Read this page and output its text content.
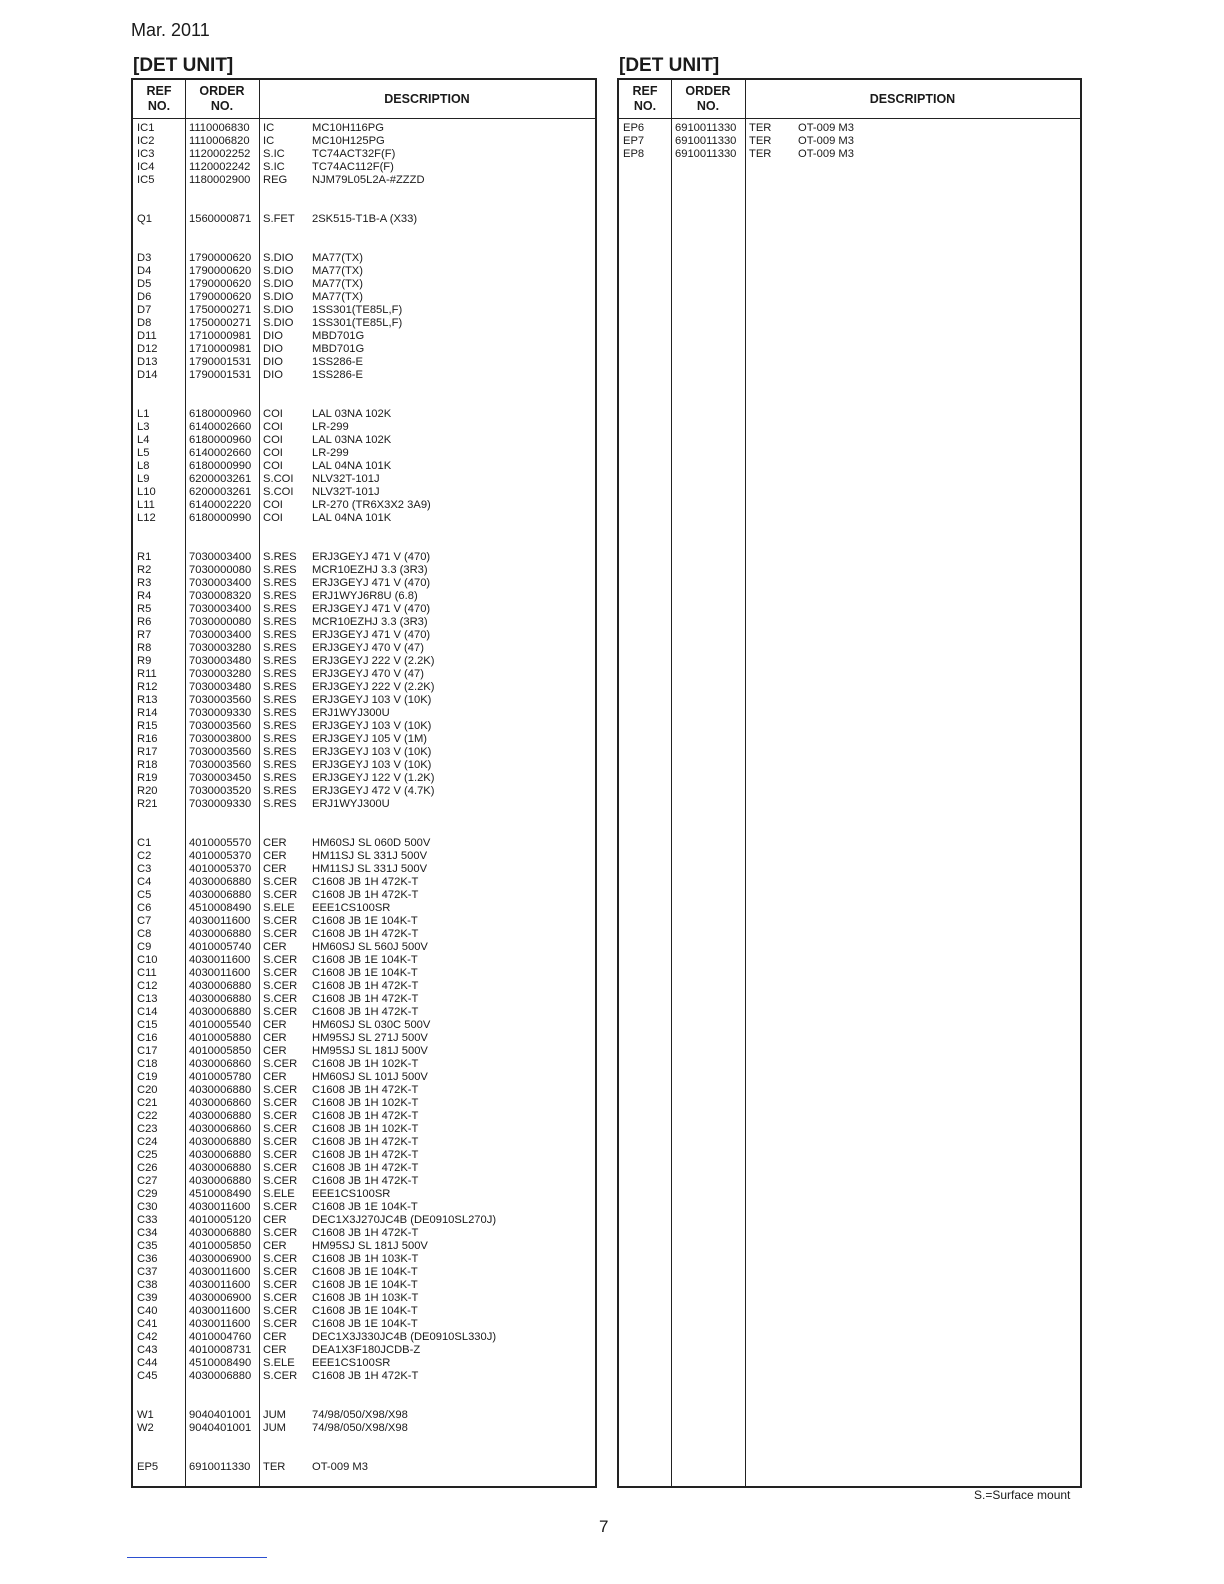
Mar. 2011
[DET UNIT]	[DET UNIT]
REF
NO.
ORDER
NO.
DESCRIPTION
IC1	1110006830 IC	MC10H116PG
IC2	1110006820 IC	MC10H125PG
IC3	1120002252 S.IC TC74ACT32F(F)
IC4	1120002242 S.IC TC74AC112F(F)
IC5	1180002900 REG NJM79L05L2A-#ZZZD
Q1	1560000871 S.FET 2SK515-T1B-A (X33)
D3	1790000620 S.DIO MA77(TX)
D4	1790000620 S.DIO MA77(TX)
D5	1790000620 S.DIO MA77(TX)
D6	1790000620 S.DIO MA77(TX)
D7	1750000271 S.DIO 1SS301(TE85L,F)
D8	1750000271 S.DIO 1SS301(TE85L,F)
D11	1710000981 DIO	MBD701G
D12	1710000981 DIO	MBD701G
D13	1790001531 DIO	1SS286-E
D14	1790001531 DIO	1SS286-E
L1	6180000960 COI	LAL 03NA 102K
L3	6140002660 COI	LR-299
L4	6180000960 COI	LAL 03NA 102K
L5	6140002660 COI	LR-299
L8	6180000990 COI	LAL 04NA 101K
L9	6200003261 S.COI NLV32T-101J
L10	6200003261 S.COI NLV32T-101J
L11	6140002220 COI	LR-270 (TR6X3X2 3A9)
L12	6180000990 COI	LAL 04NA 101K
R1	7030003400 S.RES ERJ3GEYJ 471 V (470)
R2	7030000080 S.RES MCR10EZHJ 3.3 (3R3)
R3	7030003400 S.RES ERJ3GEYJ 471 V (470)
R4	7030008320 S.RES ERJ1WYJ6R8U (6.8)
R5	7030003400 S.RES ERJ3GEYJ 471 V (470)
R6	7030000080 S.RES MCR10EZHJ 3.3 (3R3)
R7	7030003400 S.RES ERJ3GEYJ 471 V (470)
R8	7030003280 S.RES ERJ3GEYJ 470 V (47)
R9	7030003480 S.RES ERJ3GEYJ 222 V (2.2K)
R11	7030003280 S.RES ERJ3GEYJ 470 V (47)
R12	7030003480 S.RES ERJ3GEYJ 222 V (2.2K)
R13	7030003560 S.RES ERJ3GEYJ 103 V (10K)
R14	7030009330 S.RES ERJ1WYJ300U
R15	7030003560 S.RES ERJ3GEYJ 103 V (10K)
R16	7030003800 S.RES ERJ3GEYJ 105 V (1M)
R17	7030003560 S.RES ERJ3GEYJ 103 V (10K)
R18	7030003560 S.RES ERJ3GEYJ 103 V (10K)
R19	7030003450 S.RES ERJ3GEYJ 122 V (1.2K)
R20	7030003520 S.RES ERJ3GEYJ 472 V (4.7K)
R21	7030009330 S.RES ERJ1WYJ300U
C1	4010005570 CER HM60SJ SL 060D 500V
C2	4010005370 CER HM11SJ SL 331J 500V
C3	4010005370 CER HM11SJ SL 331J 500V
C4	4030006880 S.CER C1608 JB 1H 472K-T
C5	4030006880 S.CER C1608 JB 1H 472K-T
C6	4510008490 S.ELE EEE1CS100SR
C7	4030011600 S.CER C1608 JB 1E 104K-T
C8	4030006880 S.CER C1608 JB 1H 472K-T
C9	4010005740 CER HM60SJ SL 560J 500V
C10	4030011600 S.CER C1608 JB 1E 104K-T
C11	4030011600 S.CER C1608 JB 1E 104K-T
C12	4030006880 S.CER C1608 JB 1H 472K-T
C13	4030006880 S.CER C1608 JB 1H 472K-T
C14	4030006880 S.CER C1608 JB 1H 472K-T
C15	4010005540 CER HM60SJ SL 030C 500V
C16	4010005880 CER HM95SJ SL 271J 500V
C17	4010005850 CER HM95SJ SL 181J 500V
C18	4030006860 S.CER C1608 JB 1H 102K-T
C19	4010005780 CER HM60SJ SL 101J 500V
C20	4030006880 S.CER C1608 JB 1H 472K-T
C21	4030006860 S.CER C1608 JB 1H 102K-T
C22	4030006880 S.CER C1608 JB 1H 472K-T
C23	4030006860 S.CER C1608 JB 1H 102K-T
C24	4030006880 S.CER C1608 JB 1H 472K-T
C25	4030006880 S.CER C1608 JB 1H 472K-T
C26	4030006880 S.CER C1608 JB 1H 472K-T
C27	4030006880 S.CER C1608 JB 1H 472K-T
C29	4510008490 S.ELE EEE1CS100SR
C30	4030011600 S.CER C1608 JB 1E 104K-T
C33	4010005120 CER DEC1X3J270JC4B (DE0910SL270J)
C34	4030006880 S.CER C1608 JB 1H 472K-T
C35	4010005850 CER HM95SJ SL 181J 500V
C36	4030006900 S.CER C1608 JB 1H 103K-T
C37	4030011600 S.CER C1608 JB 1E 104K-T
C38	4030011600 S.CER C1608 JB 1E 104K-T
C39	4030006900 S.CER C1608 JB 1H 103K-T
C40	4030011600 S.CER C1608 JB 1E 104K-T
C41	4030011600 S.CER C1608 JB 1E 104K-T
C42	4010004760 CER DEC1X3J330JC4B (DE0910SL330J)
C43	4010008731 CER DEA1X3F180JCDB-Z
C44	4510008490 S.ELE EEE1CS100SR
C45	4030006880 S.CER C1608 JB 1H 472K-T
W1	9040401001 JUM 74/98/050/X98/X98
W2	9040401001 JUM 74/98/050/X98/X98
EP5	6910011330 TER OT-009 M3
REF
NO.
ORDER
NO.
DESCRIPTION
EP6	6910011330 TER OT-009 M3
EP7	6910011330 TER OT-009 M3
EP8	6910011330 TER OT-009 M3
S.=Surface mount
7
